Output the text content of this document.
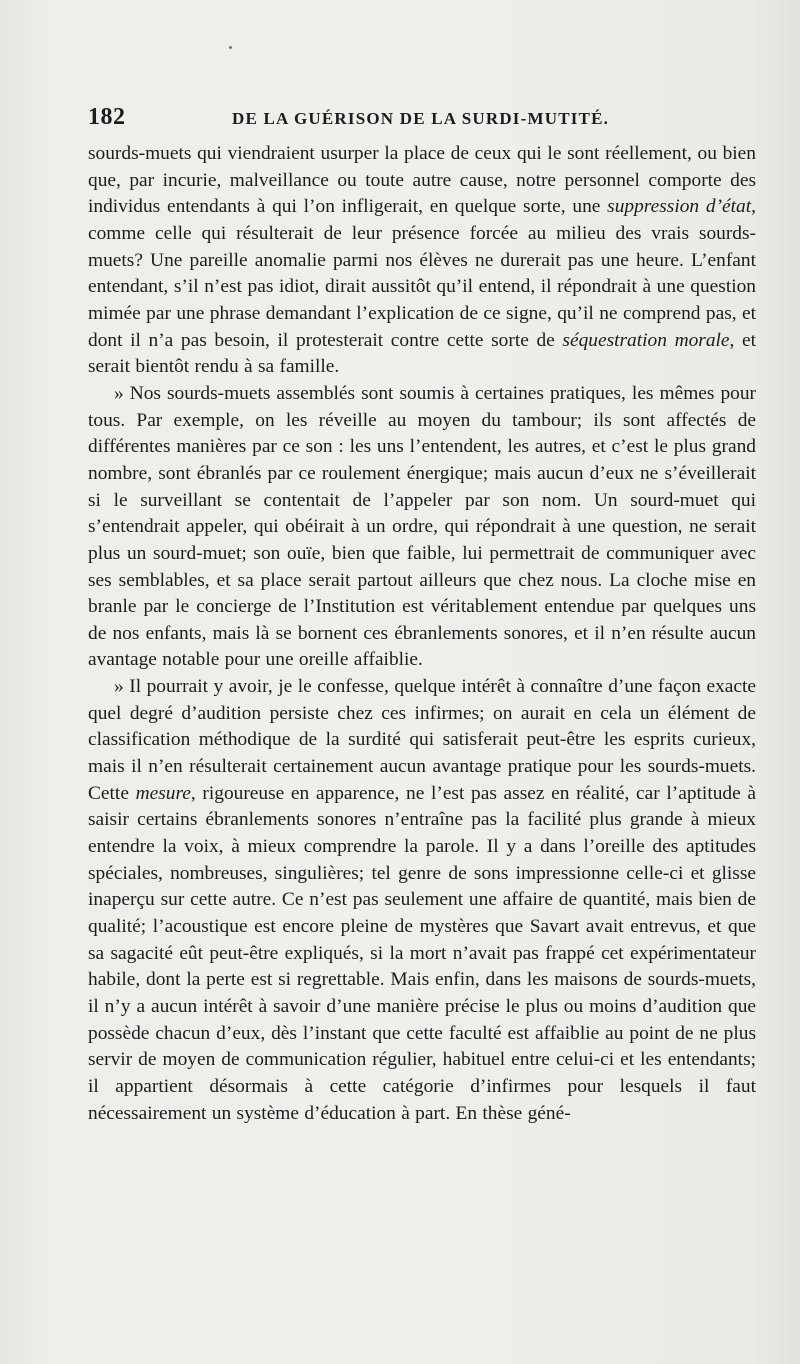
182	DE LA GUÉRISON DE LA SURDI-MUTITÉ.

sourds-muets qui viendraient usurper la place de ceux qui le sont réellement, ou bien que, par incurie, malveillance ou toute autre cause, notre personnel comporte des individus entendants à qui l’on infligerait, en quelque sorte, une suppression d’état, comme celle qui résulterait de leur présence forcée au milieu des vrais sourds-muets? Une pareille anomalie parmi nos élèves ne durerait pas une heure. L’enfant entendant, s’il n’est pas idiot, dirait aussitôt qu’il entend, il répondrait à une question mimée par une phrase demandant l’explication de ce signe, qu’il ne comprend pas, et dont il n’a pas besoin, il protesterait contre cette sorte de séquestration morale, et serait bientôt rendu à sa famille.

» Nos sourds-muets assemblés sont soumis à certaines pratiques, les mêmes pour tous. Par exemple, on les réveille au moyen du tambour; ils sont affectés de différentes manières par ce son : les uns l’entendent, les autres, et c’est le plus grand nombre, sont ébranlés par ce roulement énergique; mais aucun d’eux ne s’éveillerait si le surveillant se contentait de l’appeler par son nom. Un sourd-muet qui s’entendrait appeler, qui obéirait à un ordre, qui répondrait à une question, ne serait plus un sourd-muet; son ouïe, bien que faible, lui permettrait de communiquer avec ses semblables, et sa place serait partout ailleurs que chez nous. La cloche mise en branle par le concierge de l’Institution est véritablement entendue par quelques uns de nos enfants, mais là se bornent ces ébranlements sonores, et il n’en résulte aucun avantage notable pour une oreille affaiblie.

» Il pourrait y avoir, je le confesse, quelque intérêt à connaître d’une façon exacte quel degré d’audition persiste chez ces infirmes; on aurait en cela un élément de classification méthodique de la surdité qui satisferait peut-être les esprits curieux, mais il n’en résulterait certainement aucun avantage pratique pour les sourds-muets. Cette mesure, rigoureuse en apparence, ne l’est pas assez en réalité, car l’aptitude à saisir certains ébranlements sonores n’entraîne pas la facilité plus grande à mieux entendre la voix, à mieux comprendre la parole. Il y a dans l’oreille des aptitudes spéciales, nombreuses, singulières; tel genre de sons impressionne celle-ci et glisse inaperçu sur cette autre. Ce n’est pas seulement une affaire de quantité, mais bien de qualité; l’acoustique est encore pleine de mystères que Savart avait entrevus, et que sa sagacité eût peut-être expliqués, si la mort n’avait pas frappé cet expérimentateur habile, dont la perte est si regrettable. Mais enfin, dans les maisons de sourds-muets, il n’y a aucun intérêt à savoir d’une manière précise le plus ou moins d’audition que possède chacun d’eux, dès l’instant que cette faculté est affaiblie au point de ne plus servir de moyen de communication régulier, habituel entre celui-ci et les entendants; il appartient désormais à cette catégorie d’infirmes pour lesquels il faut nécessairement un système d’éducation à part. En thèse géné-
